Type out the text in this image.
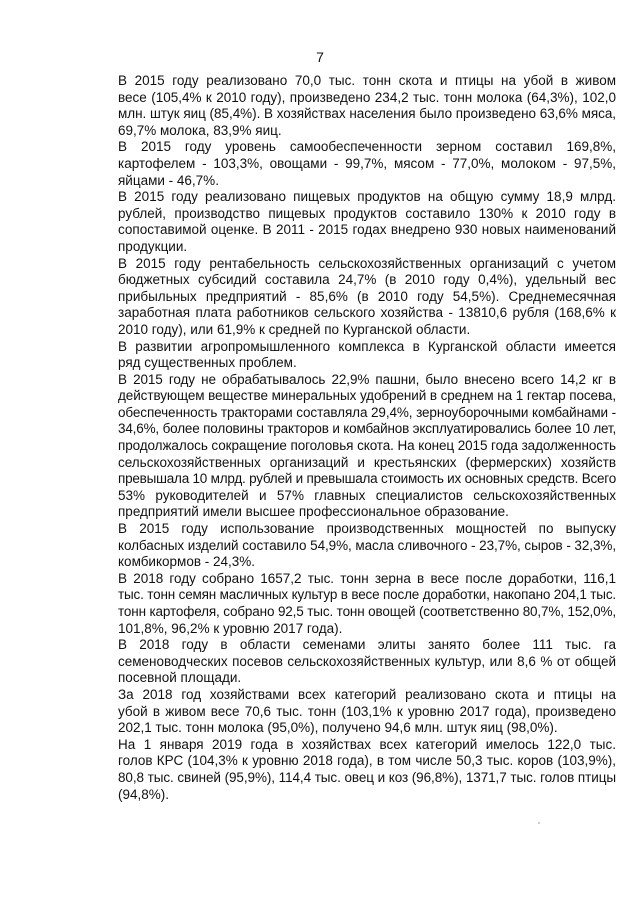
7
В 2015 году реализовано 70,0 тыс. тонн скота и птицы на убой в живом
весе (105,4% к 2010 году), произведено 234,2 тыс. тонн молока (64,3%), 102,0
млн. штук яиц (85,4%). В хозяйствах населения было произведено 63,6% мяса,
69,7% молока, 83,9% яиц.
В 2015 году уровень самообеспеченности зерном составил 169,8%,
картофелем - 103,3%, овощами - 99,7%, мясом - 77,0%, молоком - 97,5%,
яйцами - 46,7%.
В 2015 году реализовано пищевых продуктов на общую сумму 18,9 млрд.
рублей, производство пищевых продуктов составило 130% к 2010 году в
сопоставимой оценке. В 2011 - 2015 годах внедрено 930 новых наименований
продукции.
В 2015 году рентабельность сельскохозяйственных организаций с учетом
бюджетных субсидий составила 24,7% (в 2010 году 0,4%), удельный вес
прибыльных предприятий - 85,6% (в 2010 году 54,5%). Среднемесячная
заработная плата работников сельского хозяйства - 13810,6 рубля (168,6% к
2010 году), или 61,9% к средней по Курганской области.
В развитии агропромышленного комплекса в Курганской области имеется
ряд существенных проблем.
В 2015 году не обрабатывалось 22,9% пашни, было внесено всего 14,2 кг в
действующем веществе минеральных удобрений в среднем на 1 гектар посева,
обеспеченность тракторами составляла 29,4%, зерноуборочными комбайнами -
34,6%, более половины тракторов и комбайнов эксплуатировались более 10 лет,
продолжалось сокращение поголовья скота. На конец 2015 года задолженность
сельскохозяйственных организаций и крестьянских (фермерских) хозяйств
превышала 10 млрд. рублей и превышала стоимость их основных средств. Всего
53% руководителей и 57% главных специалистов сельскохозяйственных
предприятий имели высшее профессиональное образование.
В 2015 году использование производственных мощностей по выпуску
колбасных изделий составило 54,9%, масла сливочного - 23,7%, сыров - 32,3%,
комбикормов - 24,3%.
В 2018 году собрано 1657,2 тыс. тонн зерна в весе после доработки, 116,1
тыс. тонн семян масличных культур в весе после доработки, накопано 204,1 тыс.
тонн картофеля, собрано 92,5 тыс. тонн овощей (соответственно 80,7%, 152,0%,
101,8%, 96,2% к уровню 2017 года).
В 2018 году в области семенами элиты занято более 111 тыс. га
семеноводческих посевов сельскохозяйственных культур, или 8,6 % от общей
посевной площади.
За 2018 год хозяйствами всех категорий реализовано скота и птицы на
убой в живом весе 70,6 тыс. тонн (103,1% к уровню 2017 года), произведено
202,1 тыс. тонн молока (95,0%), получено 94,6 млн. штук яиц (98,0%).
На 1 января 2019 года в хозяйствах всех категорий имелось 122,0 тыс.
голов КРС (104,3% к уровню 2018 года), в том числе 50,3 тыс. коров (103,9%),
80,8 тыс. свиней (95,9%), 114,4 тыс. овец и коз (96,8%), 1371,7 тыс. голов птицы
(94,8%).
